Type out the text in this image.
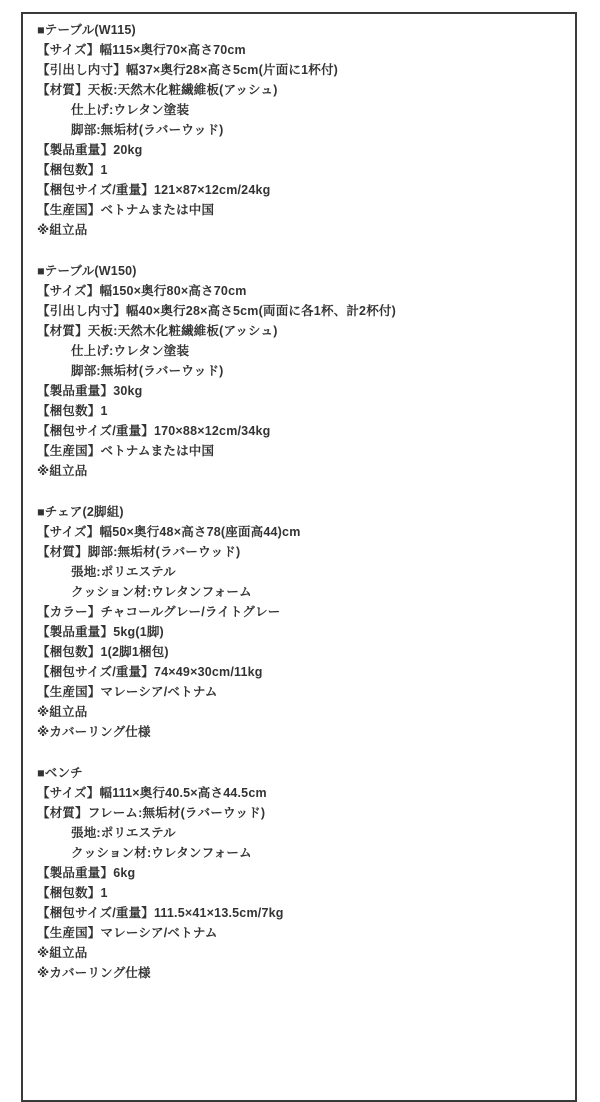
■テーブル(W115)
【サイズ】幅115×奥行70×高さ70cm
【引出し内寸】幅37×奥行28×高さ5cm(片面に1杯付)
【材質】天板:天然木化粧繊維板(アッシュ)
仕上げ:ウレタン塗装
脚部:無垢材(ラバーウッド)
【製品重量】20kg
【梱包数】1
【梱包サイズ/重量】121×87×12cm/24kg
【生産国】ベトナムまたは中国
※組立品
■テーブル(W150)
【サイズ】幅150×奥行80×高さ70cm
【引出し内寸】幅40×奥行28×高さ5cm(両面に各1杯、計2杯付)
【材質】天板:天然木化粧繊維板(アッシュ)
仕上げ:ウレタン塗装
脚部:無垢材(ラバーウッド)
【製品重量】30kg
【梱包数】1
【梱包サイズ/重量】170×88×12cm/34kg
【生産国】ベトナムまたは中国
※組立品
■チェア(2脚組)
【サイズ】幅50×奥行48×高さ78(座面高44)cm
【材質】脚部:無垢材(ラバーウッド)
張地:ポリエステル
クッション材:ウレタンフォーム
【カラー】チャコールグレー/ライトグレー
【製品重量】5kg(1脚)
【梱包数】1(2脚1梱包)
【梱包サイズ/重量】74×49×30cm/11kg
【生産国】マレーシア/ベトナム
※組立品
※カバーリング仕様
■ベンチ
【サイズ】幅111×奥行40.5×高さ44.5cm
【材質】フレーム:無垢材(ラバーウッド)
張地:ポリエステル
クッション材:ウレタンフォーム
【製品重量】6kg
【梱包数】1
【梱包サイズ/重量】111.5×41×13.5cm/7kg
【生産国】マレーシア/ベトナム
※組立品
※カバーリング仕様
